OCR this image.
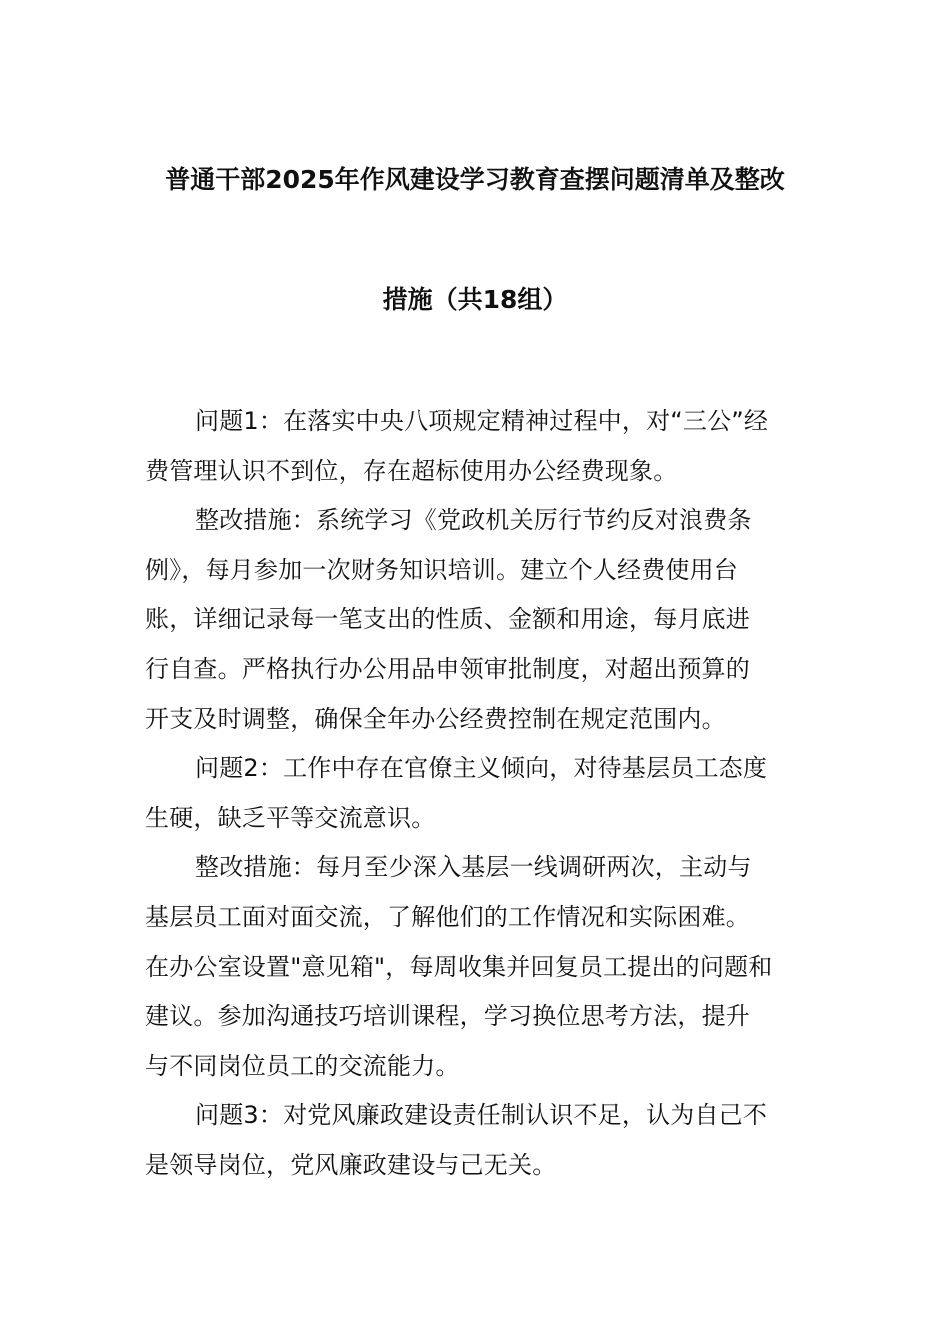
普通干部2025年作风建设学习教育查摆问题清单及整改
措施（共18组）

问题1：在落实中央八项规定精神过程中，对“三公”经
费管理认识不到位，存在超标使用办公经费现象。

整改措施：系统学习《党政机关厉行节约反对浪费条
例》，每月参加一次财务知识培训。建立个人经费使用台
账，详细记录每一笔支出的性质、金额和用途，每月底进
行自查。严格执行办公用品申领审批制度，对超出预算的
开支及时调整，确保全年办公经费控制在规定范围内。

问题2：工作中存在官僚主义倾向，对待基层员工态度
生硬，缺乏平等交流意识。

整改措施：每月至少深入基层一线调研两次，主动与
基层员工面对面交流，了解他们的工作情况和实际困难。
在办公室设置"意见箱"，每周收集并回复员工提出的问题和
建议。参加沟通技巧培训课程，学习换位思考方法，提升
与不同岗位员工的交流能力。

问题3：对党风廉政建设责任制认识不足，认为自己不
是领导岗位，党风廉政建设与己无关。
